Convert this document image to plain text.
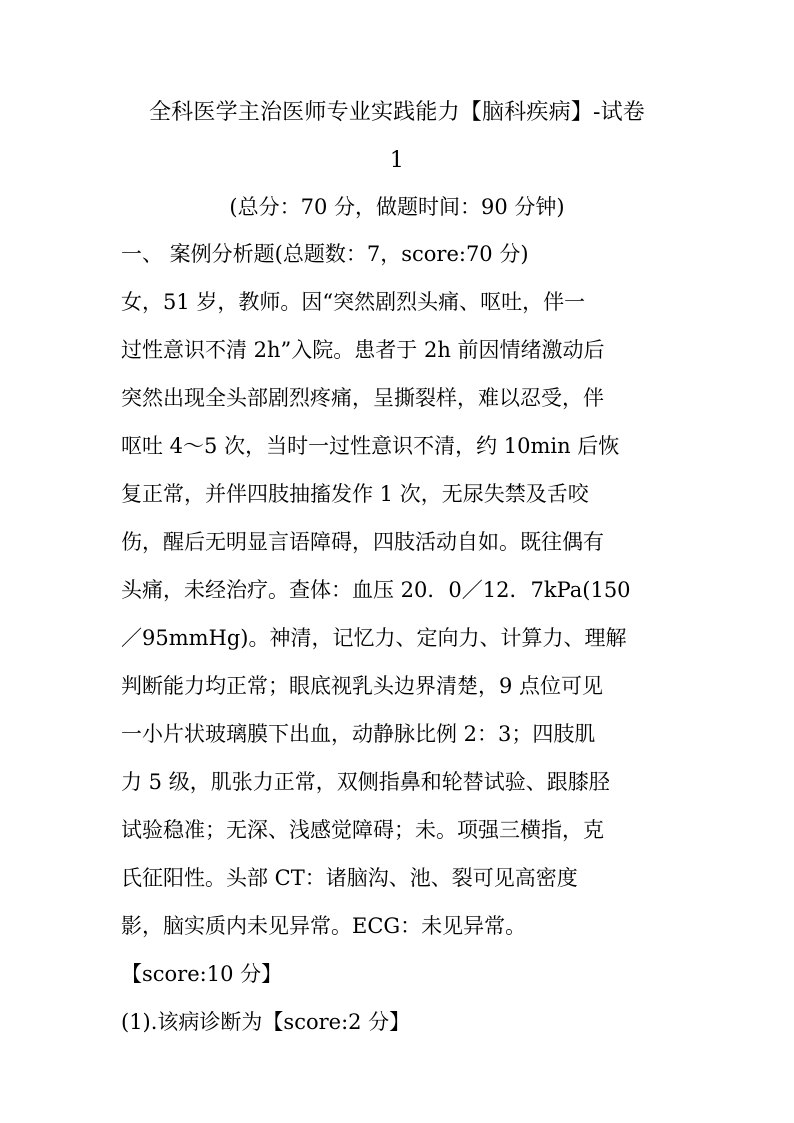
全科医学主治医师专业实践能力【脑科疾病】-试卷
1
(总分：70 分，做题时间：90 分钟)
一、 案例分析题(总题数：7，score:70 分)
女，51 岁，教师。因“突然剧烈头痛、呕吐，伴一
过性意识不清 2h”入院。患者于 2h 前因情绪激动后
突然出现全头部剧烈疼痛，呈撕裂样，难以忍受，伴
呕吐 4～5 次，当时一过性意识不清，约 10min 后恢
复正常，并伴四肢抽搐发作 1 次，无尿失禁及舌咬
伤，醒后无明显言语障碍，四肢活动自如。既往偶有
头痛，未经治疗。查体：血压 20．0／12．7kPa(150
／95mmHg)。神清，记忆力、定向力、计算力、理解
判断能力均正常；眼底视乳头边界清楚，9 点位可见
一小片状玻璃膜下出血，动静脉比例 2：3；四肢肌
力 5 级，肌张力正常，双侧指鼻和轮替试验、跟膝胫
试验稳准；无深、浅感觉障碍；未。项强三横指，克
氏征阳性。头部 CT：诸脑沟、池、裂可见高密度
影，脑实质内未见异常。ECG：未见异常。
【score:10 分】
(1).该病诊断为【score:2 分】
